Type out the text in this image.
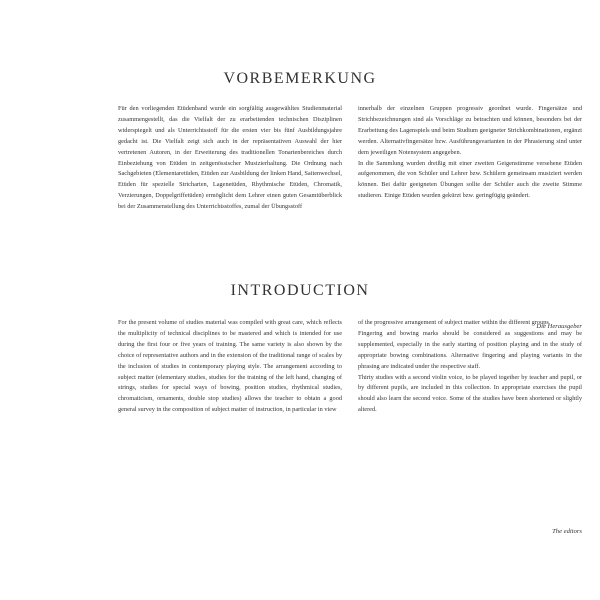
VORBEMERKUNG

Für den vorliegenden Etüdenband wurde ein sorgfältig ausgewähltes Studienmaterial zusammengestellt, das die Vielfalt der zu erarbeitenden technischen Disziplinen widerspiegelt und als Unterrichtsstoff für die ersten vier bis fünf Ausbildungsjahre gedacht ist. Die Vielfalt zeigt sich auch in der repräsentativen Auswahl der hier vertretenen Autoren, in der Erweiterung des traditionellen Tonartenbereiches durch Einbeziehung von Etüden in zeitgenössischer Musizierhaltung. Die Ordnung nach Sachgebieten (Elementaretüden, Etüden zur Ausbildung der linken Hand, Saitenwechsel, Etüden für spezielle Stricharten, Lagenetüden, Rhythmische Etüden, Chromatik, Verzierungen, Doppelgriffetüden) ermöglicht dem Lehrer einen guten Gesamtüberblick bei der Zusammenstellung des Unterrichtsstoffes, zumal der Übungsstoff

innerhalb der einzelnen Gruppen progressiv geordnet wurde. Fingersätze und Strichbezeichnungen sind als Vorschläge zu betrachten und können, besonders bei der Erarbeitung des Lagenspiels und beim Studium geeigneter Strichkombinationen, ergänzt werden. Alternativfingersätze bzw. Ausführungsvarianten in der Phrasierung sind unter dem jeweiligen Notensystem angegeben.

In die Sammlung wurden dreißig mit einer zweiten Geigenstimme versehene Etüden aufgenommen, die von Schüler und Lehrer bzw. Schülern gemeinsam musiziert werden können. Bei dafür geeigneten Übungen sollte der Schüler auch die zweite Stimme studieren. Einige Etüden wurden gekürzt bzw. geringfügig geändert.

Die Herausgeber
INTRODUCTION

For the present volume of studies material was compiled with great care, which reflects the multiplicity of technical disciplines to be mastered and which is intended for use during the first four or five years of training. The same variety is also shown by the choice of representative authors and in the extension of the traditional range of scales by the inclusion of studies in contemporary playing style. The arrangement according to subject matter (elementary studies, studies for the training of the left hand, changing of strings, studies for special ways of bowing, position studies, rhythmical studies, chromaticism, ornaments, double stop studies) allows the teacher to obtain a good general survey in the composition of subject matter of instruction, in particular in view

of the progressive arrangement of subject matter within the different groups.

Fingering and bowing marks should be considered as suggestions and may be supplemented, especially in the early starting of position playing and in the study of appropriate bowing combinations. Alternative fingering and playing variants in the phrasing are indicated under the respective staff.

Thirty studies with a second violin voice, to be played together by teacher and pupil, or by different pupils, are included in this collection. In appropriate exercises the pupil should also learn the second voice. Some of the studies have been shortened or slightly altered.

The editors
